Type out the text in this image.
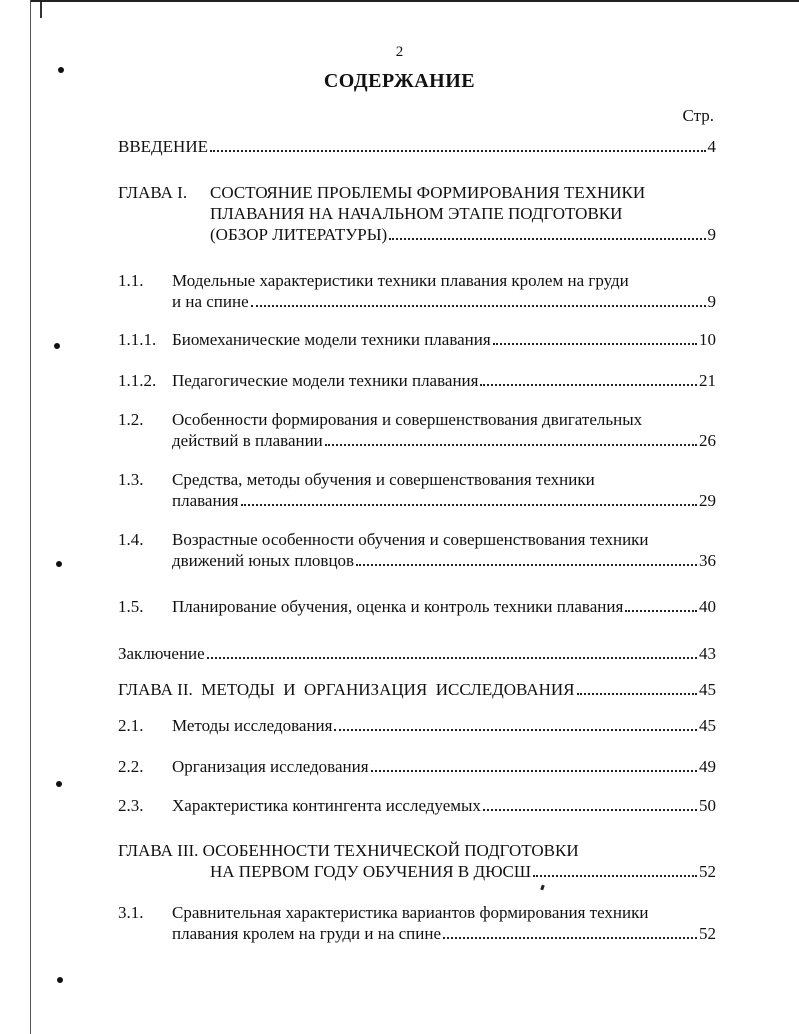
2
СОДЕРЖАНИЕ
Стр.
ВВЕДЕНИЕ	4
ГЛАВА I. СОСТОЯНИЕ ПРОБЛЕМЫ ФОРМИРОВАНИЯ ТЕХНИКИ
ПЛАВАНИЯ НА НАЧАЛЬНОМ ЭТАПЕ ПОДГОТОВКИ
(ОБЗОР ЛИТЕРАТУРЫ)	9
1.1. Модельные характеристики техники плавания кролем на груди
и на спине	9
1.1.1. Биомеханические модели техники плавания	10
1.1.2. Педагогические модели техники плавания	21
1.2. Особенности формирования и совершенствования двигательных
действий в плавании	26
1.3. Средства, методы обучения и совершенствования техники
плавания	29
1.4. Возрастные особенности обучения и совершенствования техники
движений юных пловцов	36
1.5. Планирование обучения, оценка и контроль техники плавания	40
Заключение	43
ГЛАВА II.  МЕТОДЫ  И  ОРГАНИЗАЦИЯ  ИССЛЕДОВАНИЯ	45
2.1. Методы исследования	45
2.2. Организация исследования	49
2.3. Характеристика контингента исследуемых	50
ГЛАВА III. ОСОБЕННОСТИ ТЕХНИЧЕСКОЙ ПОДГОТОВКИ
НА ПЕРВОМ ГОДУ ОБУЧЕНИЯ В ДЮСШ	52
3.1. Сравнительная характеристика вариантов формирования техники
плавания кролем на груди и на спине	52
